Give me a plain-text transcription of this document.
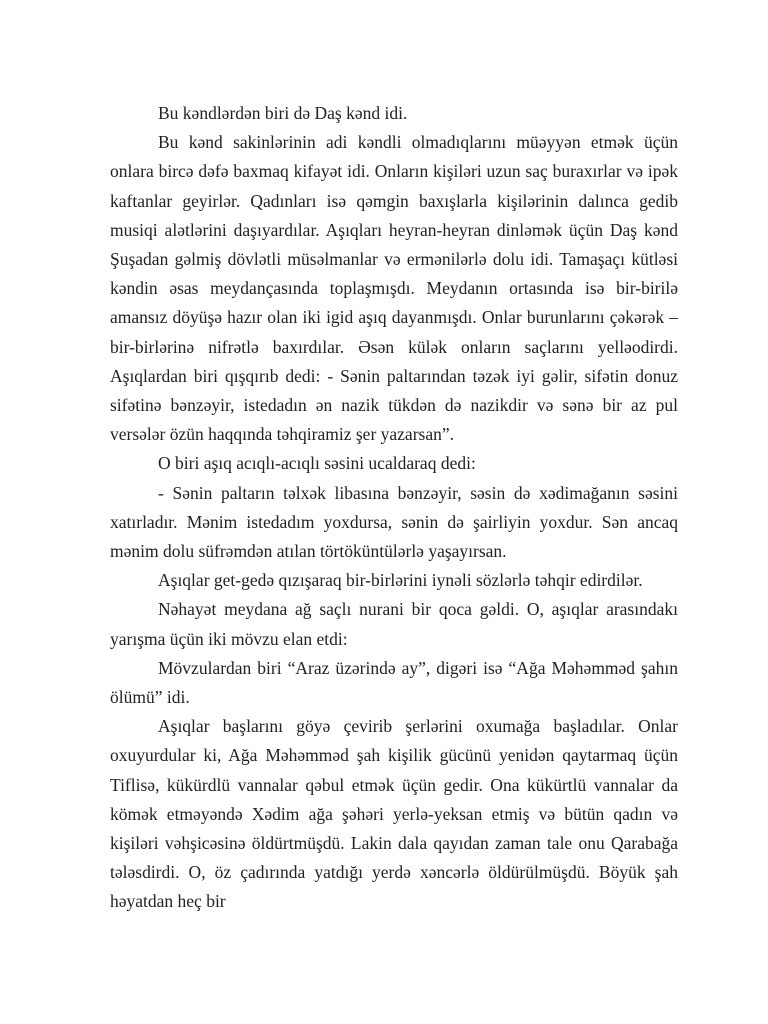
Bu kəndlərdən biri də Daş kənd idi.

Bu kənd sakinlərinin adi kəndli olmadıqlarını müəyyən etmək üçün onlara bircə dəfə baxmaq kifayət idi. Onların kişiləri uzun saç buraxırlar və ipək kaftanlar geyirlər. Qadınları isə qəmgin baxışlarla kişilərinin dalınca gedib musiqi alətlərini daşıyardılar. Aşıqları heyran-heyran dinləmək üçün Daş kənd Şuşadan gəlmiş dövlətli müsəlmanlar və ermənilərlə dolu idi. Tamaşaçı kütləsi kəndin əsas meydançasında toplaşmışdı. Meydanın ortasında isə bir-birilə amansız döyüşə hazır olan iki igid aşıq dayanmışdı. Onlar burunlarını çəkərək – bir-birlərinə nifrətlə baxırdılar. Əsən külək onların saçlarını yelləodirdi. Aşıqlardan biri qışqırıb dedi: - Sənin paltarından təzək iyi gəlir, sifətin donuz sifətinə bənzəyir, istedadın ən nazik tükdən də nazikdir və sənə bir az pul versələr özün haqqında təhqiramiz şer yazarsan”.

O biri aşıq acıqlı-acıqlı səsini ucaldaraq dedi:

- Sənin paltarın təlxək libasına bənzəyir, səsin də xədimağanın səsini xatırladır. Mənim istedadım yoxdursa, sənin də şairliyin yoxdur. Sən ancaq mənim dolu süfrəmdən atılan törtöküntülərlə yaşayırsan.

Aşıqlar get-gedə qızışaraq bir-birlərini iynəli sözlərlə təhqir edirdilər.

Nəhayət meydana ağ saçlı nurani bir qoca gəldi. O, aşıqlar arasındakı yarışma üçün iki mövzu elan etdi:

Mövzulardan biri “Araz üzərində ay”, digəri isə “Ağa Məhəmməd şahın ölümü” idi.

Aşıqlar başlarını göyə çevirib şerlərini oxumağa başladılar. Onlar oxuyurdular ki, Ağa Məhəmməd şah kişilik gücünü yenidən qaytarmaq üçün Tiflisə, kükürdlü vannalar qəbul etmək üçün gedir. Ona kükürtlü vannalar da kömək etməyəndə Xədim ağa şəhəri yerlə-yeksan etmiş və bütün qadın və kişiləri vəhşicəsinə öldürtmüşdü. Lakin dala qayıdan zaman tale onu Qarabağa tələsdirdi. O, öz çadırında yatdığı yerdə xəncərlə öldürülmüşdü. Böyük şah həyatdan heç bir
